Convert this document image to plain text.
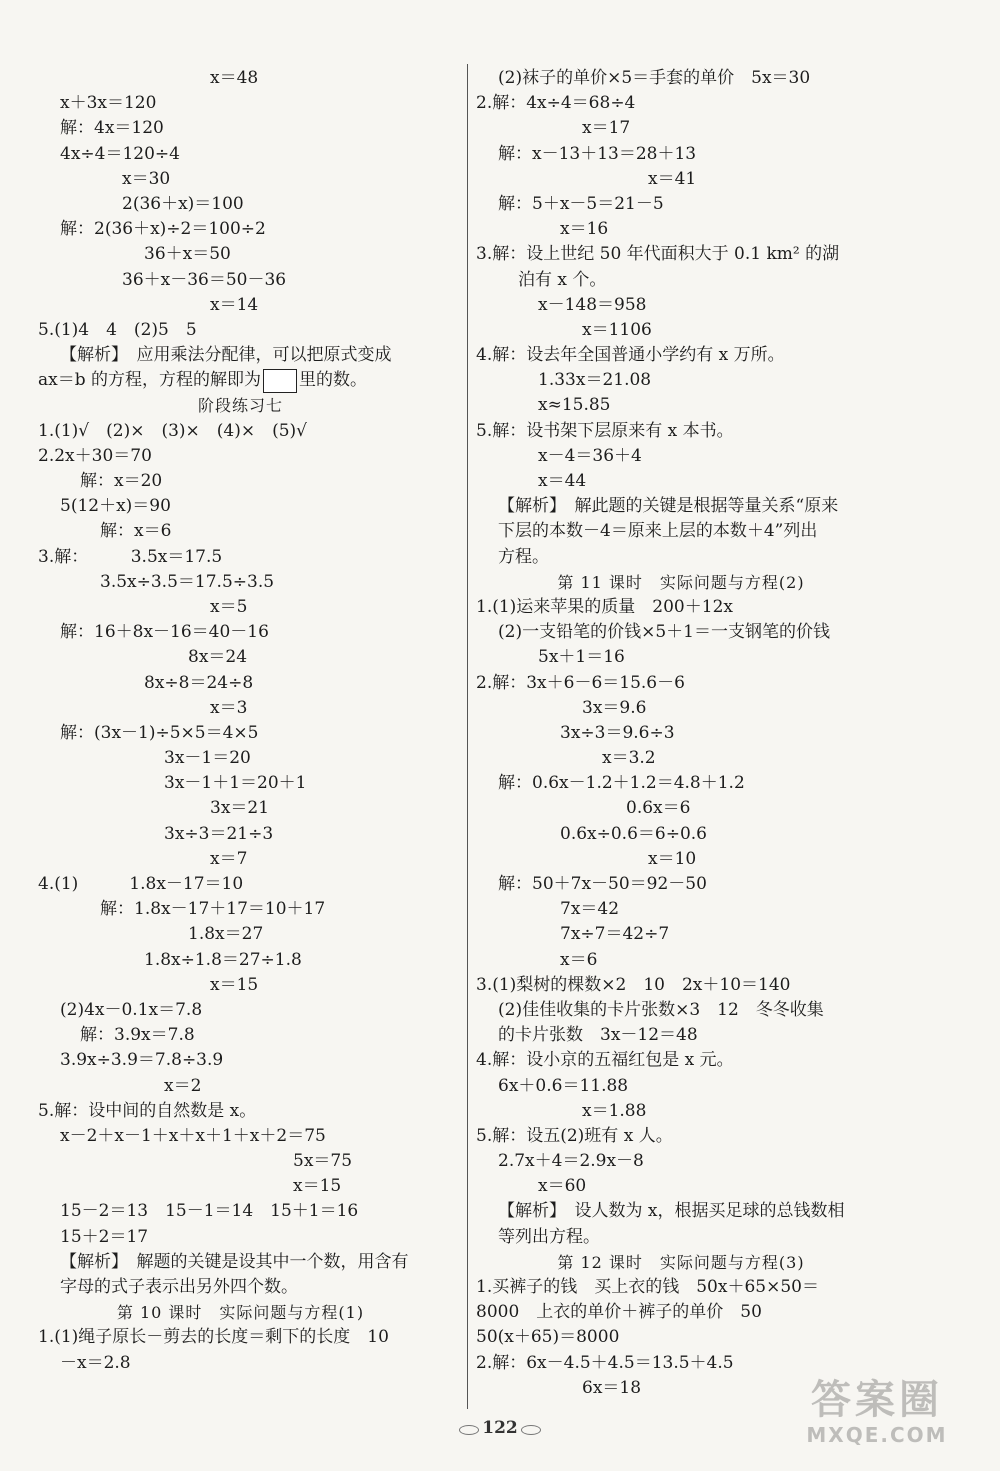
x＝48
x＋3x＝120
解：4x＝120
4x÷4＝120÷4
x＝30
2(36＋x)＝100
解：2(36＋x)÷2＝100÷2
36＋x＝50
36＋x－36＝50－36
x＝14
5.(1)4　4　(2)5　5
【解析】　应用乘法分配律，可以把原式变成
ax＝b 的方程，方程的解即为 里的数。
阶段练习七
1.(1)√　(2)×　(3)×　(4)×　(5)√
2.2x＋30＝70
解：x＝20
5(12＋x)＝90
解：x＝6
3.解：　　　3.5x＝17.5
3.5x÷3.5＝17.5÷3.5
x＝5
解：16＋8x－16＝40－16
8x＝24
8x÷8＝24÷8
x＝3
解：(3x－1)÷5×5＝4×5
3x－1＝20
3x－1＋1＝20＋1
3x＝21
3x÷3＝21÷3
x＝7
4.(1)　　　1.8x－17＝10
解：1.8x－17＋17＝10＋17
1.8x＝27
1.8x÷1.8＝27÷1.8
x＝15
(2)4x－0.1x＝7.8
解：3.9x＝7.8
3.9x÷3.9＝7.8÷3.9
x＝2
5.解：设中间的自然数是 x。
x－2＋x－1＋x＋x＋1＋x＋2＝75
5x＝75
x＝15
15－2＝13　15－1＝14　15＋1＝16
15＋2＝17
【解析】　解题的关键是设其中一个数，用含有
字母的式子表示出另外四个数。
第 10 课时　实际问题与方程(1)
1.(1)绳子原长－剪去的长度＝剩下的长度　10
－x＝2.8
(2)袜子的单价×5＝手套的单价　5x＝30
2.解：4x÷4＝68÷4
x＝17
解：x－13＋13＝28＋13
x＝41
解：5＋x－5＝21－5
x＝16
3.解：设上世纪 50 年代面积大于 0.1 km² 的湖
泊有 x 个。
x－148＝958
x＝1106
4.解：设去年全国普通小学约有 x 万所。
1.33x＝21.08
x≈15.85
5.解：设书架下层原来有 x 本书。
x－4＝36＋4
x＝44
【解析】　解此题的关键是根据等量关系“原来
下层的本数－4＝原来上层的本数＋4”列出
方程。
第 11 课时　实际问题与方程(2)
1.(1)运来苹果的质量　200＋12x
(2)一支铅笔的价钱×5＋1＝一支钢笔的价钱
5x＋1＝16
2.解：3x＋6－6＝15.6－6
3x＝9.6
3x÷3＝9.6÷3
x＝3.2
解：0.6x－1.2＋1.2＝4.8＋1.2
0.6x＝6
0.6x÷0.6＝6÷0.6
x＝10
解：50＋7x－50＝92－50
7x＝42
7x÷7＝42÷7
x＝6
3.(1)梨树的棵数×2　10　2x＋10＝140
(2)佳佳收集的卡片张数×3　12　冬冬收集
的卡片张数　3x－12＝48
4.解：设小京的五福红包是 x 元。
6x＋0.6＝11.88
x＝1.88
5.解：设五(2)班有 x 人。
2.7x＋4＝2.9x－8
x＝60
【解析】　设人数为 x，根据买足球的总钱数相
等列出方程。
第 12 课时　实际问题与方程(3)
1.买裤子的钱　买上衣的钱　50x＋65×50＝
8000　上衣的单价＋裤子的单价　50
50(x＋65)＝8000
2.解：6x－4.5＋4.5＝13.5＋4.5
6x＝18
122
答案圈
MXQE.COM
